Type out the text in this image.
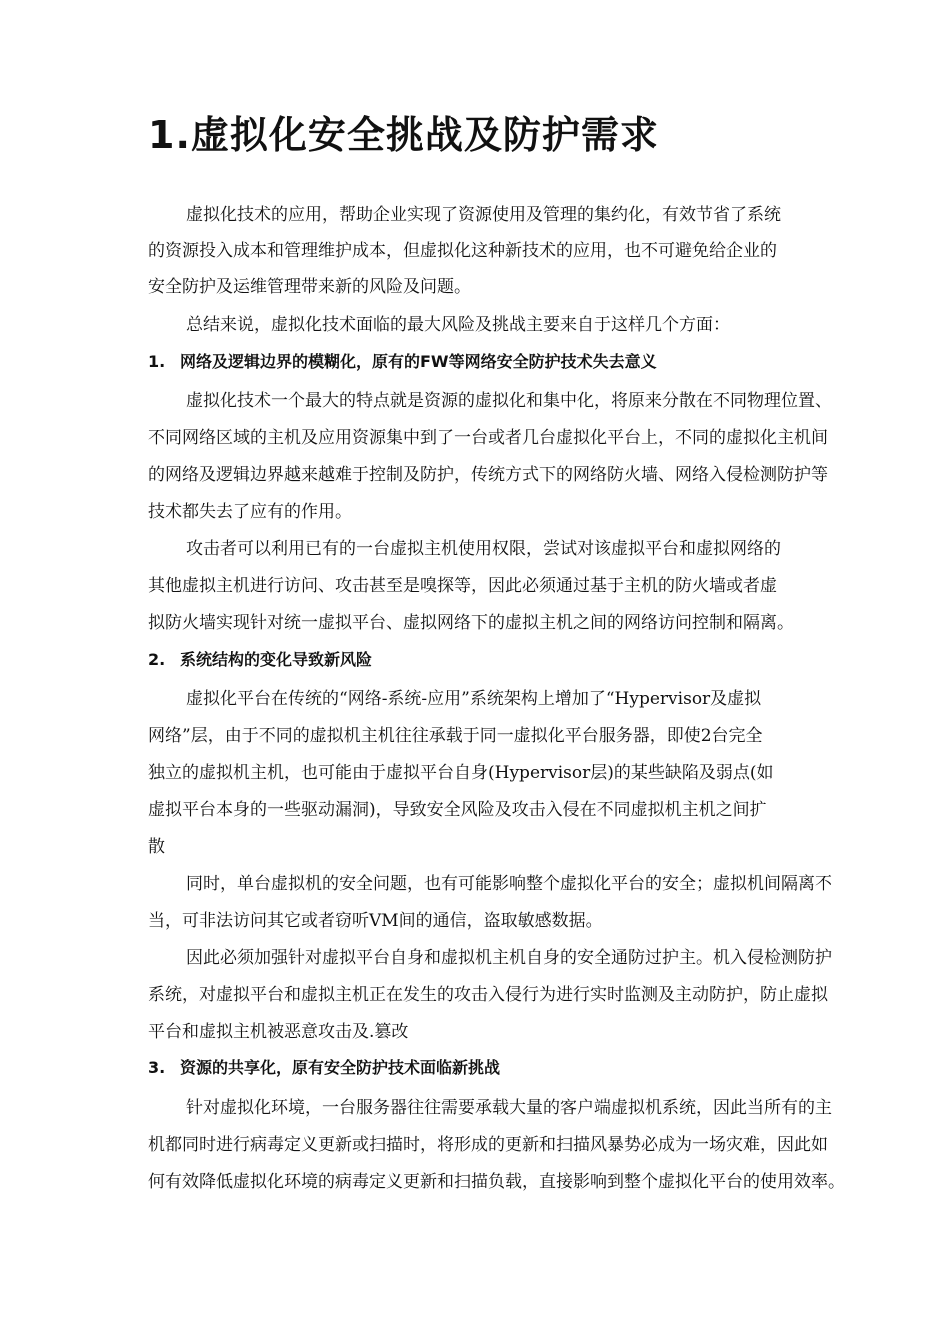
1.虚拟化安全挑战及防护需求
虚拟化技术的应用，帮助企业实现了资源使用及管理的集约化，有效节省了系统
的资源投入成本和管理维护成本，但虚拟化这种新技术的应用，也不可避免给企业的
安全防护及运维管理带来新的风险及问题。
总结来说，虚拟化技术面临的最大风险及挑战主要来自于这样几个方面：
1. 网络及逻辑边界的模糊化，原有的FW等网络安全防护技术失去意义
虚拟化技术一个最大的特点就是资源的虚拟化和集中化，将原来分散在不同物理位置、
不同网络区域的主机及应用资源集中到了一台或者几台虚拟化平台上，不同的虚拟化主机间
的网络及逻辑边界越来越难于控制及防护，传统方式下的网络防火墙、网络入侵检测防护等
技术都失去了应有的作用。
攻击者可以利用已有的一台虚拟主机使用权限，尝试对该虚拟平台和虚拟网络的
其他虚拟主机进行访问、攻击甚至是嗅探等，因此必须通过基于主机的防火墙或者虚
拟防火墙实现针对统一虚拟平台、虚拟网络下的虚拟主机之间的网络访问控制和隔离。
2. 系统结构的变化导致新风险
虚拟化平台在传统的“网络-系统-应用”系统架构上增加了“Hypervisor及虚拟
网络”层，由于不同的虚拟机主机往往承载于同一虚拟化平台服务器，即使2台完全
独立的虚拟机主机，也可能由于虚拟平台自身(Hypervisor层)的某些缺陷及弱点(如
虚拟平台本身的一些驱动漏洞)，导致安全风险及攻击入侵在不同虚拟机主机之间扩
散
同时，单台虚拟机的安全问题，也有可能影响整个虚拟化平台的安全；虚拟机间隔离不
当，可非法访问其它或者窃听VM间的通信，盗取敏感数据。
因此必须加强针对虚拟平台自身和虚拟机主机自身的安全通防过护主。机入侵检测防护
系统，对虚拟平台和虚拟主机正在发生的攻击入侵行为进行实时监测及主动防护，防止虚拟
平台和虚拟主机被恶意攻击及.篡改
3. 资源的共享化，原有安全防护技术面临新挑战
针对虚拟化环境，一台服务器往往需要承载大量的客户端虚拟机系统，因此当所有的主
机都同时进行病毒定义更新或扫描时，将形成的更新和扫描风暴势必成为一场灾难，因此如
何有效降低虚拟化环境的病毒定义更新和扫描负载，直接影响到整个虚拟化平台的使用效率。
